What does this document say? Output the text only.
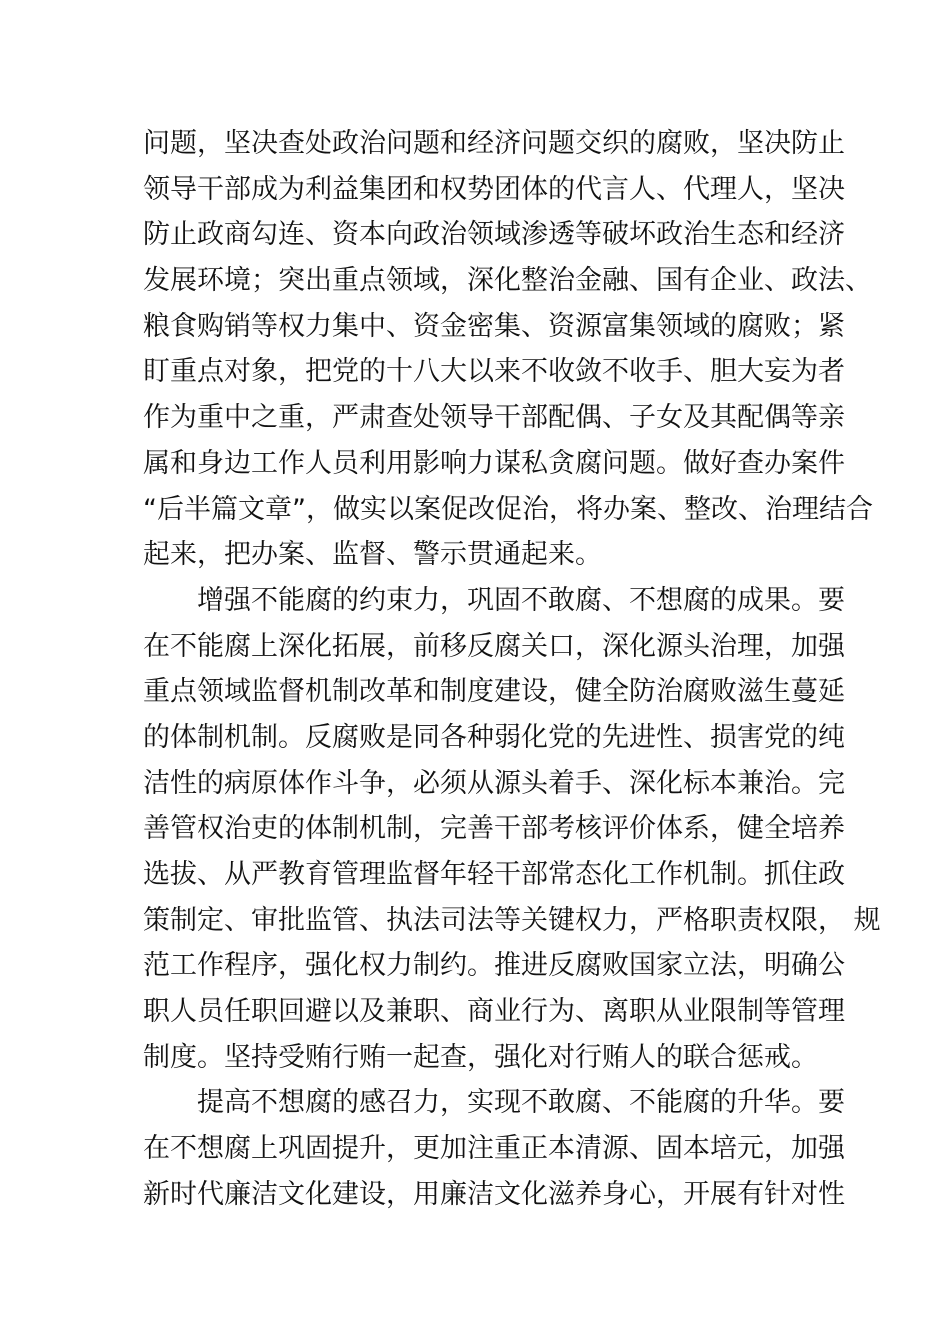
问题，坚决查处政治问题和经济问题交织的腐败，坚决防止
领导干部成为利益集团和权势团体的代言人、代理人，坚决
防止政商勾连、资本向政治领域渗透等破坏政治生态和经济
发展环境；突出重点领域，深化整治金融、国有企业、政法、
粮食购销等权力集中、资金密集、资源富集领域的腐败；紧
盯重点对象，把党的十八大以来不收敛不收手、胆大妄为者
作为重中之重，严肃查处领导干部配偶、子女及其配偶等亲
属和身边工作人员利用影响力谋私贪腐问题。做好查办案件
“后半篇文章”，做实以案促改促治，将办案、整改、治理结合
起来，把办案、监督、警示贯通起来。
增强不能腐的约束力，巩固不敢腐、不想腐的成果。要
在不能腐上深化拓展，前移反腐关口，深化源头治理，加强
重点领域监督机制改革和制度建设，健全防治腐败滋生蔓延
的体制机制。反腐败是同各种弱化党的先进性、损害党的纯
洁性的病原体作斗争，必须从源头着手、深化标本兼治。完
善管权治吏的体制机制，完善干部考核评价体系，健全培养
选拔、从严教育管理监督年轻干部常态化工作机制。抓住政
策制定、审批监管、执法司法等关键权力，严格职责权限， 规
范工作程序，强化权力制约。推进反腐败国家立法，明确公
职人员任职回避以及兼职、商业行为、离职从业限制等管理
制度。坚持受贿行贿一起查，强化对行贿人的联合惩戒。
提高不想腐的感召力，实现不敢腐、不能腐的升华。要
在不想腐上巩固提升，更加注重正本清源、固本培元，加强
新时代廉洁文化建设，用廉洁文化滋养身心，开展有针对性
